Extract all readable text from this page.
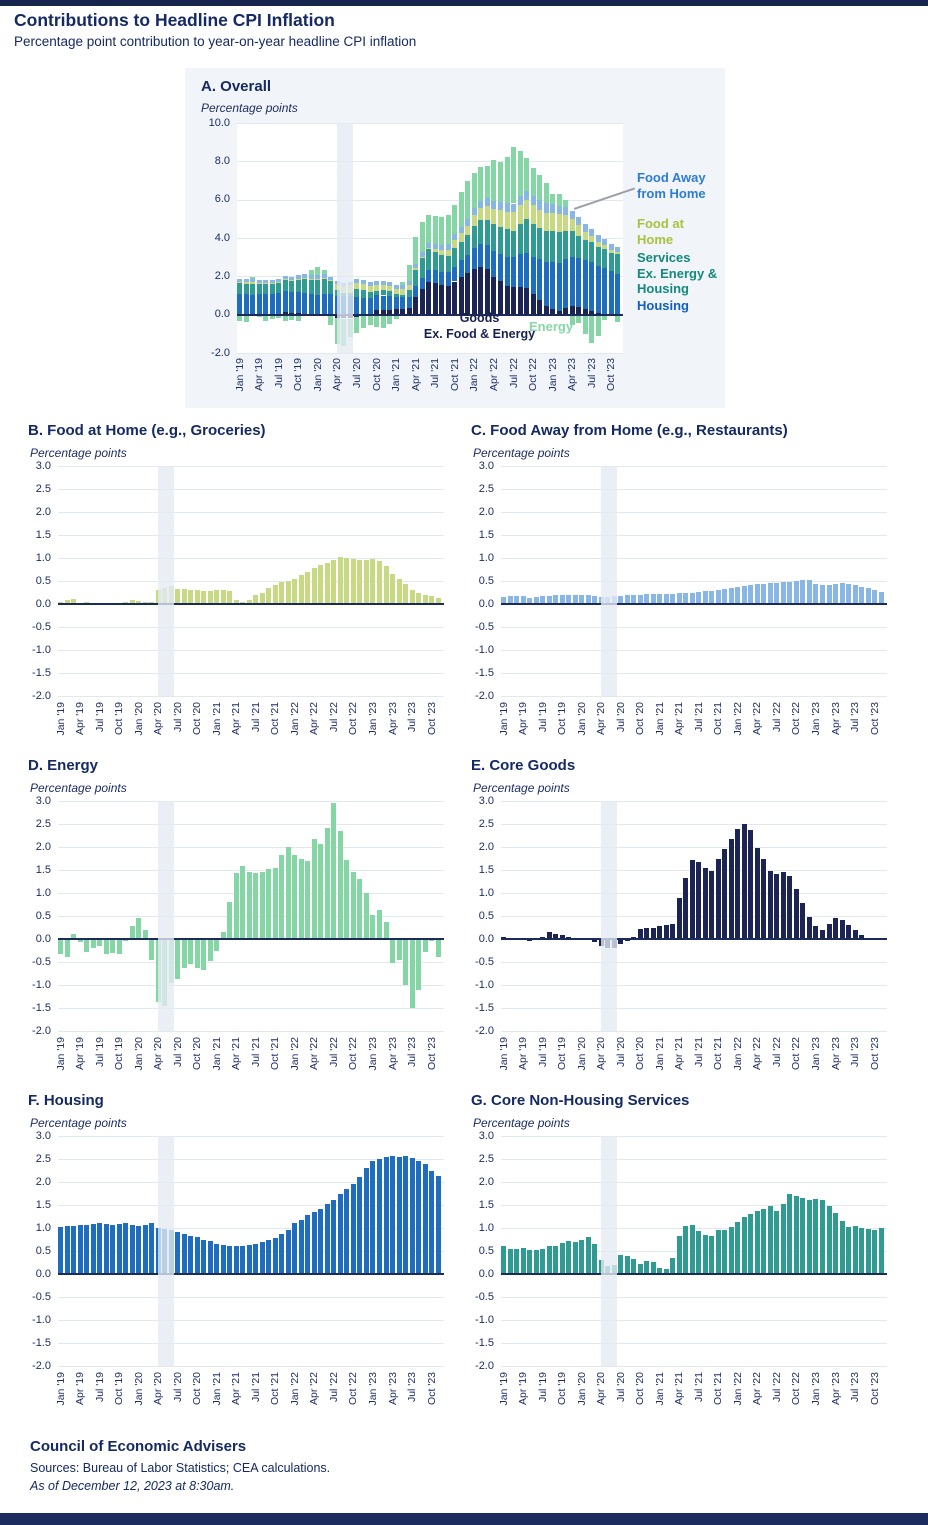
Contributions to Headline CPI Inflation
Percentage point contribution to year-on-year headline CPI inflation
A. Overall
Percentage points
10.0
8.0
6.0
4.0
2.0
0.0
-2.0
Jan '19 Apr '19 Jul '19 Oct '19 Jan '20 Apr '20 Jul '20 Oct '20 Jan '21 Apr '21 Jul '21 Oct '21 Jan '22 Apr '22 Jul '22 Oct '22 Jan '23 Apr '23 Jul '23 Oct '23
Food Away
from Home
Food at
Home
Services
Ex. Energy &
Housing
Housing
Goods
Ex. Food & Energy
Energy
B. Food at Home (e.g., Groceries)
Percentage points
3.0
2.5
2.0
1.5
1.0
0.5
0.0
-0.5
-1.0
-1.5
-2.0
Jan '19 Apr '19 Jul '19 Oct '19 Jan '20 Apr '20 Jul '20 Oct '20 Jan '21 Apr '21 Jul '21 Oct '21 Jan '22 Apr '22 Jul '22 Oct '22 Jan '23 Apr '23 Jul '23 Oct '23
C. Food Away from Home (e.g., Restaurants)
Percentage points
3.0
2.5
2.0
1.5
1.0
0.5
0.0
-0.5
-1.0
-1.5
-2.0
Jan '19 Apr '19 Jul '19 Oct '19 Jan '20 Apr '20 Jul '20 Oct '20 Jan '21 Apr '21 Jul '21 Oct '21 Jan '22 Apr '22 Jul '22 Oct '22 Jan '23 Apr '23 Jul '23 Oct '23
D. Energy
Percentage points
3.0
2.5
2.0
1.5
1.0
0.5
0.0
-0.5
-1.0
-1.5
-2.0
Jan '19 Apr '19 Jul '19 Oct '19 Jan '20 Apr '20 Jul '20 Oct '20 Jan '21 Apr '21 Jul '21 Oct '21 Jan '22 Apr '22 Jul '22 Oct '22 Jan '23 Apr '23 Jul '23 Oct '23
E. Core Goods
Percentage points
3.0
2.5
2.0
1.5
1.0
0.5
0.0
-0.5
-1.0
-1.5
-2.0
Jan '19 Apr '19 Jul '19 Oct '19 Jan '20 Apr '20 Jul '20 Oct '20 Jan '21 Apr '21 Jul '21 Oct '21 Jan '22 Apr '22 Jul '22 Oct '22 Jan '23 Apr '23 Jul '23 Oct '23
F. Housing
Percentage points
3.0
2.5
2.0
1.5
1.0
0.5
0.0
-0.5
-1.0
-1.5
-2.0
Jan '19 Apr '19 Jul '19 Oct '19 Jan '20 Apr '20 Jul '20 Oct '20 Jan '21 Apr '21 Jul '21 Oct '21 Jan '22 Apr '22 Jul '22 Oct '22 Jan '23 Apr '23 Jul '23 Oct '23
G. Core Non-Housing Services
Percentage points
3.0
2.5
2.0
1.5
1.0
0.5
0.0
-0.5
-1.0
-1.5
-2.0
Jan '19 Apr '19 Jul '19 Oct '19 Jan '20 Apr '20 Jul '20 Oct '20 Jan '21 Apr '21 Jul '21 Oct '21 Jan '22 Apr '22 Jul '22 Oct '22 Jan '23 Apr '23 Jul '23 Oct '23
Council of Economic Advisers
Sources: Bureau of Labor Statistics; CEA calculations.
As of December 12, 2023 at 8:30am.
